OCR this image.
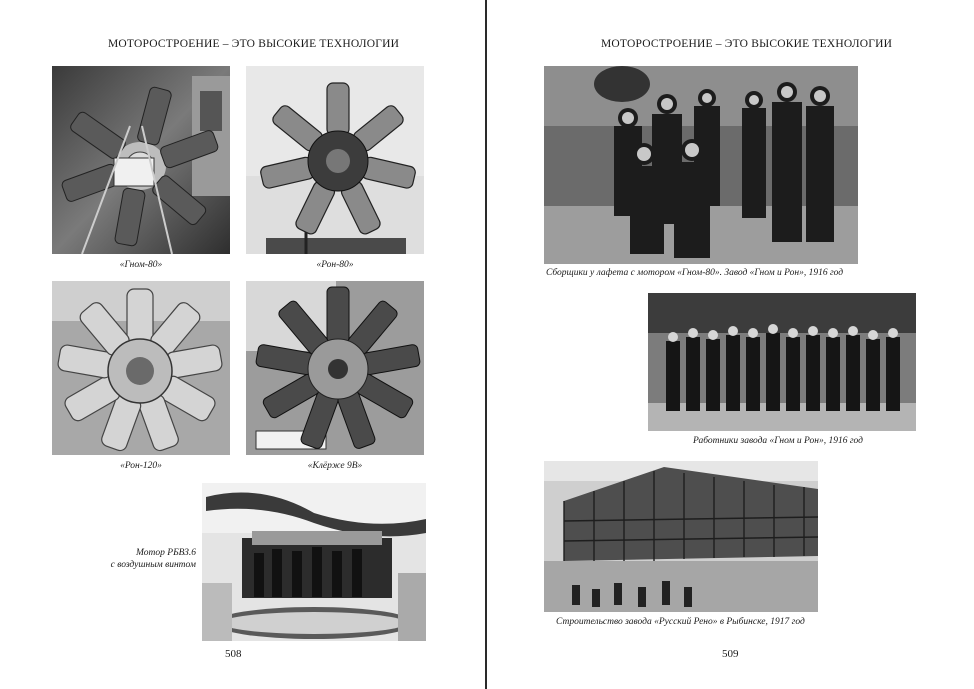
МОТОРОСТРОЕНИЕ – ЭТО ВЫСОКИЕ ТЕХНОЛОГИИ
«Гном-80»	«Рон-80»
«Рон-120»	«Клёрже 9В»
Мотор РБВЗ.6
с воздушным винтом
508
МОТОРОСТРОЕНИЕ – ЭТО ВЫСОКИЕ ТЕХНОЛОГИИ
Сборщики у лафета с мотором «Гном-80». Завод «Гном и Рон», 1916 год
Работники завода «Гном и Рон», 1916 год
Строительство завода «Русский Рено» в Рыбинске, 1917 год
509
